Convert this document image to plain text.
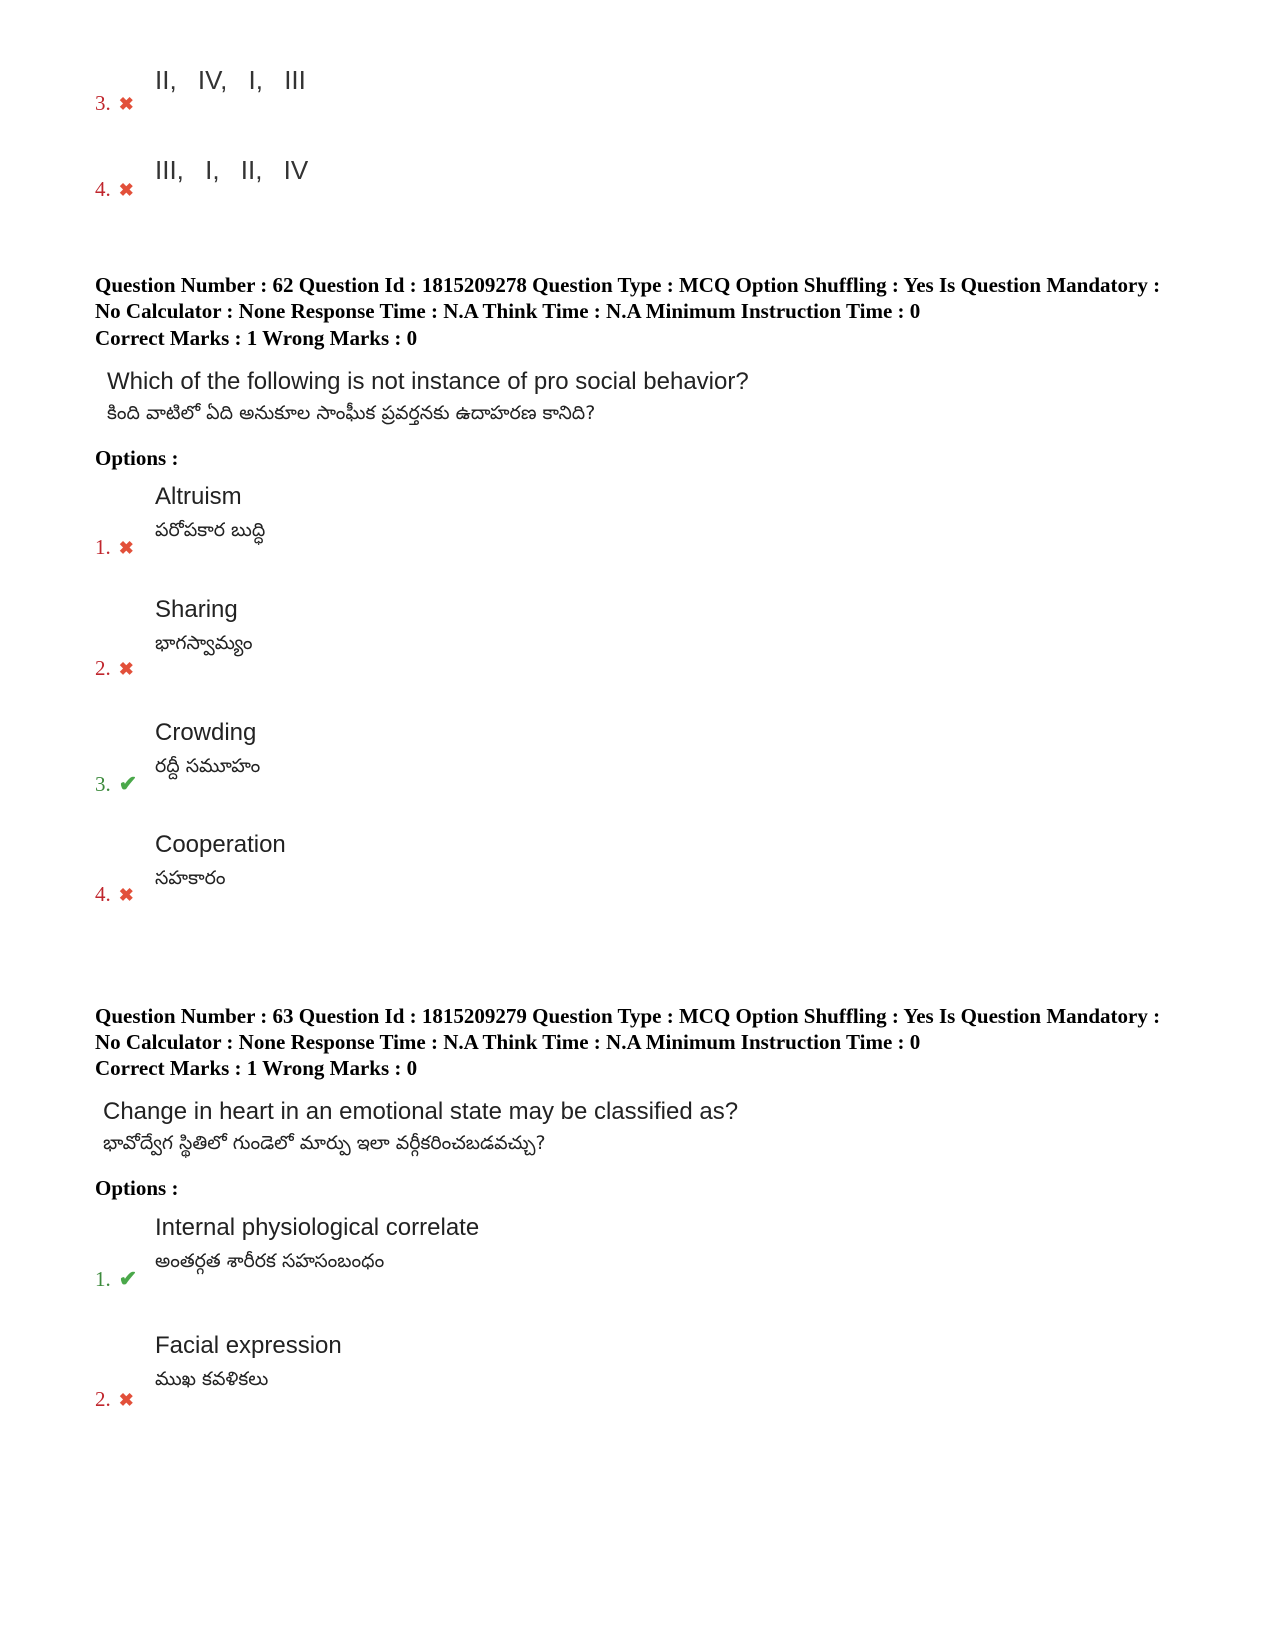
II, IV, I, III
3. ✖
III, I, II, IV
4. ✖
Question Number : 62 Question Id : 1815209278 Question Type : MCQ Option Shuffling : Yes Is Question Mandatory : No Calculator : None Response Time : N.A Think Time : N.A Minimum Instruction Time : 0
Correct Marks : 1 Wrong Marks : 0
Which of the following is not instance of pro social behavior?
కింది వాటిలో ఏది అనుకూల సాంఘీక ప్రవర్తనకు ఉదాహరణ కానిది?
Options :
Altruism
పరోపకార బుద్ధి
1. ✖
Sharing
భాగస్వామ్యం
2. ✖
Crowding
రద్దీ సమూహం
3. ✔
Cooperation
సహకారం
4. ✖
Question Number : 63 Question Id : 1815209279 Question Type : MCQ Option Shuffling : Yes Is Question Mandatory : No Calculator : None Response Time : N.A Think Time : N.A Minimum Instruction Time : 0
Correct Marks : 1 Wrong Marks : 0
Change in heart in an emotional state may be classified as?
భావోద్వేగ స్థితిలో గుండెలో మార్పు ఇలా వర్గీకరించబడవచ్చు?
Options :
Internal physiological correlate
అంతర్గత శారీరక సహసంబంధం
1. ✔
Facial expression
ముఖ కవళికలు
2. ✖
